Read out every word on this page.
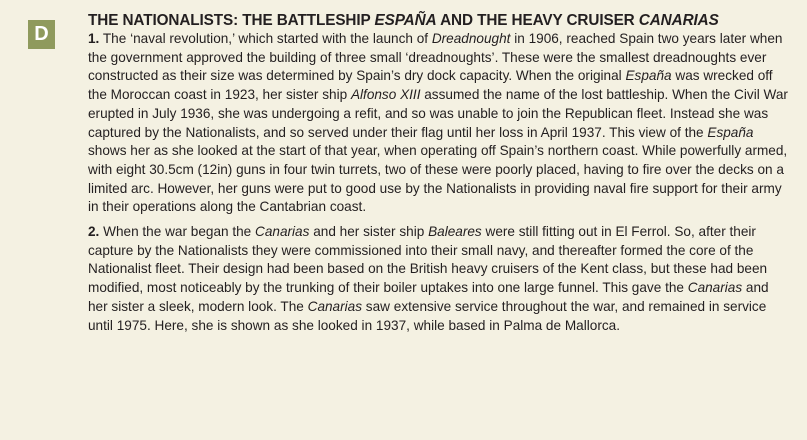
D
THE NATIONALISTS: THE BATTLESHIP ESPAÑA AND THE HEAVY CRUISER CANARIAS

1. The ‘naval revolution,’ which started with the launch of Dreadnought in 1906, reached Spain two years later when the government approved the building of three small ‘dreadnoughts’. These were the smallest dreadnoughts ever constructed as their size was determined by Spain’s dry dock capacity. When the original España was wrecked off the Moroccan coast in 1923, her sister ship Alfonso XIII assumed the name of the lost battleship. When the Civil War erupted in July 1936, she was undergoing a refit, and so was unable to join the Republican fleet. Instead she was captured by the Nationalists, and so served under their flag until her loss in April 1937. This view of the España shows her as she looked at the start of that year, when operating off Spain’s northern coast. While powerfully armed, with eight 30.5cm (12in) guns in four twin turrets, two of these were poorly placed, having to fire over the decks on a limited arc. However, her guns were put to good use by the Nationalists in providing naval fire support for their army in their operations along the Cantabrian coast.

2. When the war began the Canarias and her sister ship Baleares were still fitting out in El Ferrol. So, after their capture by the Nationalists they were commissioned into their small navy, and thereafter formed the core of the Nationalist fleet. Their design had been based on the British heavy cruisers of the Kent class, but these had been modified, most noticeably by the trunking of their boiler uptakes into one large funnel. This gave the Canarias and her sister a sleek, modern look. The Canarias saw extensive service throughout the war, and remained in service until 1975. Here, she is shown as she looked in 1937, while based in Palma de Mallorca.
